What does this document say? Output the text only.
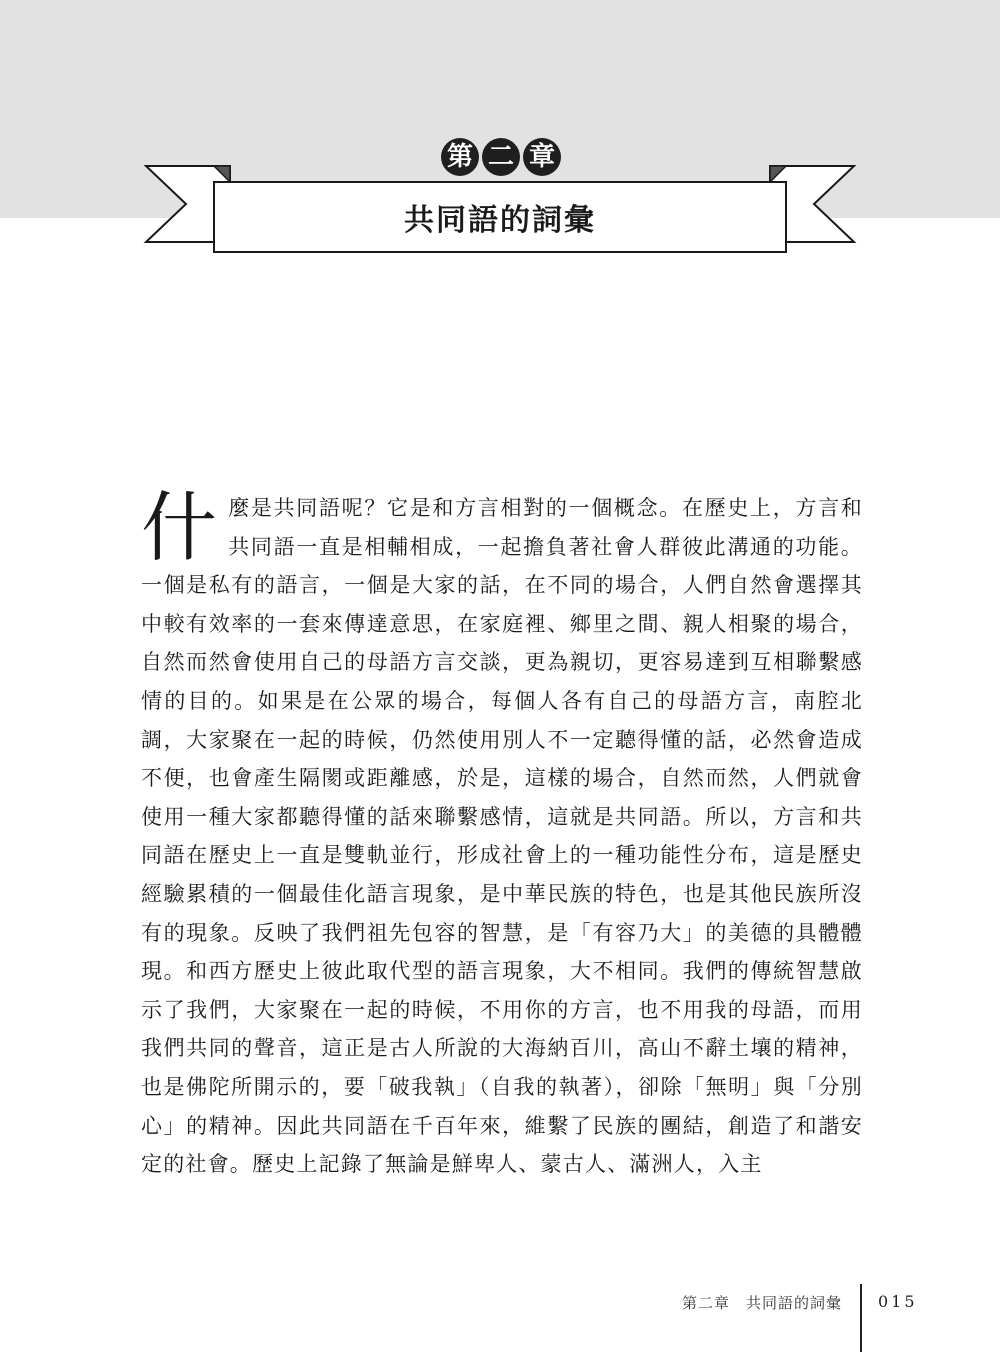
第 二 章
共同語的詞彙
什 麼是共同語呢？它是和方言相對的一個概念。在歷史上，方言和共同語一直是相輔相成，一起擔負著社會人群彼此溝通的功能。一個是私有的語言，一個是大家的話，在不同的場合，人們自然會選擇其中較有效率的一套來傳達意思，在家庭裡、鄉里之間、親人相聚的場合，自然而然會使用自己的母語方言交談，更為親切，更容易達到互相聯繫感情的目的。如果是在公眾的場合，每個人各有自己的母語方言，南腔北調，大家聚在一起的時候，仍然使用別人不一定聽得懂的話，必然會造成不便，也會產生隔閡或距離感，於是，這樣的場合，自然而然，人們就會使用一種大家都聽得懂的話來聯繫感情，這就是共同語。所以，方言和共同語在歷史上一直是雙軌並行，形成社會上的一種功能性分布，這是歷史經驗累積的一個最佳化語言現象，是中華民族的特色，也是其他民族所沒有的現象。反映了我們祖先包容的智慧，是「有容乃大」的美德的具體體現。和西方歷史上彼此取代型的語言現象，大不相同。我們的傳統智慧啟示了我們，大家聚在一起的時候，不用你的方言，也不用我的母語，而用我們共同的聲音，這正是古人所說的大海納百川，高山不辭土壤的精神，也是佛陀所開示的，要「破我執」（自我的執著），卻除「無明」與「分別心」的精神。因此共同語在千百年來，維繫了民族的團結，創造了和諧安定的社會。歷史上記錄了無論是鮮卑人、蒙古人、滿洲人，入主
第二章　共同語的詞彙 015
